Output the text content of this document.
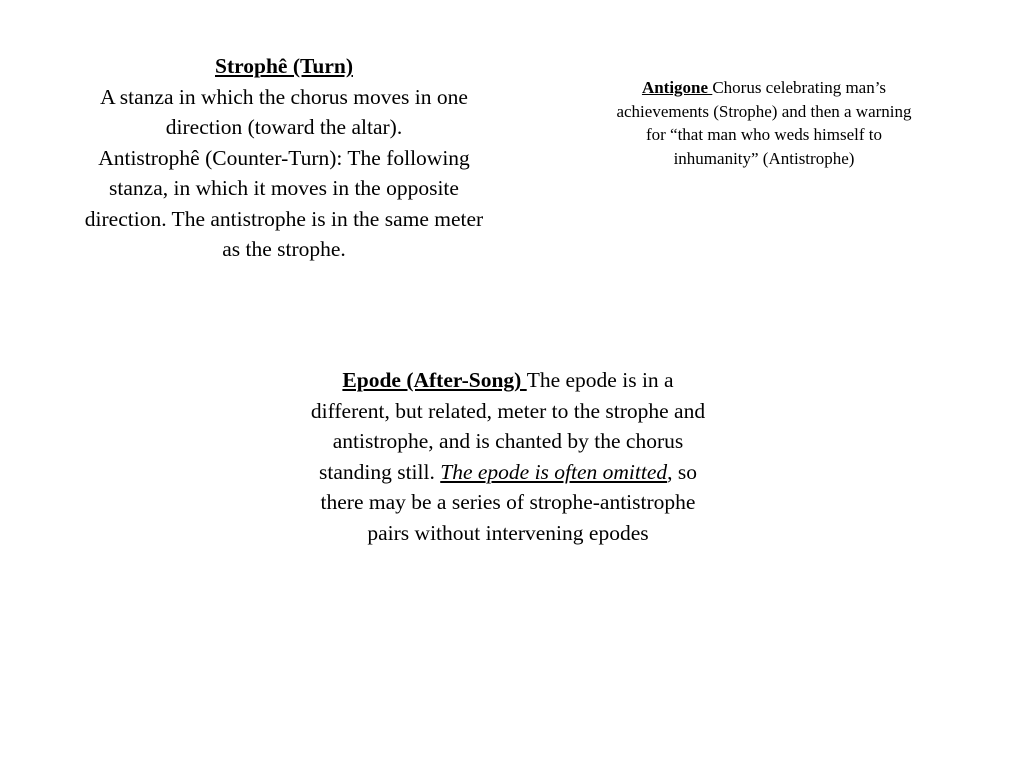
Strophê (Turn)
A stanza in which the chorus moves in one
direction (toward the altar).
Antistrophê (Counter-Turn): The following
stanza, in which it moves in the opposite
direction. The antistrophe is in the same meter
as the strophe.
Antigone Chorus celebrating man’s
achievements (Strophe) and then a warning
for “that man who weds himself to
inhumanity” (Antistrophe)
Epode (After-Song) The epode is in a
different, but related, meter to the strophe and
antistrophe, and is chanted by the chorus
standing still. The epode is often omitted, so
there may be a series of strophe-antistrophe
pairs without intervening epodes
